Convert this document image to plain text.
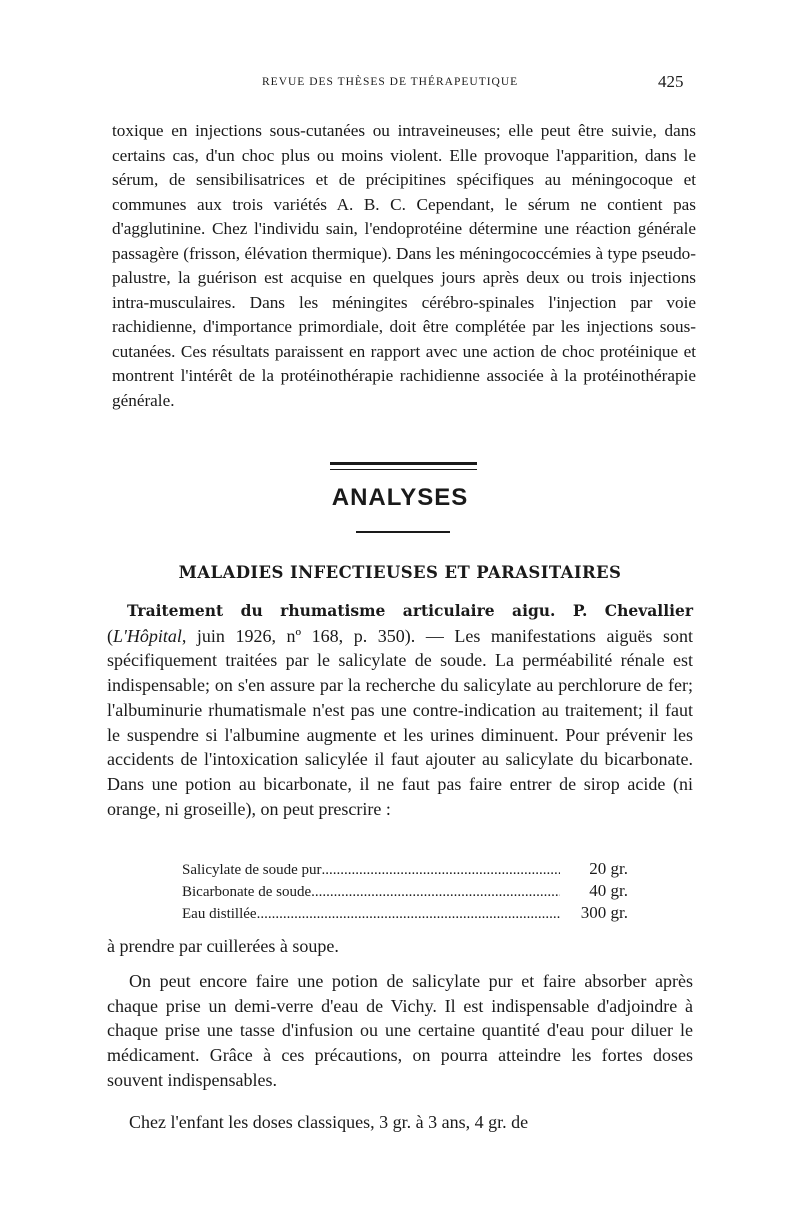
REVUE DES THÈSES DE THÉRAPEUTIQUE	425

toxique en injections sous-cutanées ou intraveineuses; elle peut être suivie, dans certains cas, d'un choc plus ou moins violent. Elle provoque l'apparition, dans le sérum, de sensibilisatrices et de précipitines spécifiques au méningocoque et communes aux trois variétés A. B. C. Cependant, le sérum ne contient pas d'agglutinine. Chez l'individu sain, l'endoprotéine détermine une réaction générale passagère (frisson, élévation thermique). Dans les méningococcémies à type pseudo-palustre, la guérison est acquise en quelques jours après deux ou trois injections intra-musculaires. Dans les méningites cérébro-spinales l'injection par voie rachidienne, d'importance primordiale, doit être complétée par les injections sous-cutanées. Ces résultats paraissent en rapport avec une action de choc protéinique et montrent l'intérêt de la protéinothérapie rachidienne associée à la protéinothérapie générale.

ANALYSES
MALADIES INFECTIEUSES ET PARASITAIRES

Traitement du rhumatisme articulaire aigu. P. Chevallier (L'Hôpital, juin 1926, nº 168, p. 350). — Les manifestations aiguës sont spécifiquement traitées par le salicylate de soude. La perméabilité rénale est indispensable; on s'en assure par la recherche du salicylate au perchlorure de fer; l'albuminurie rhumatismale n'est pas une contre-indication au traitement; il faut le suspendre si l'albumine augmente et les urines diminuent. Pour prévenir les accidents de l'intoxication salicylée il faut ajouter au salicylate du bicarbonate. Dans une potion au bicarbonate, il ne faut pas faire entrer de sirop acide (ni orange, ni groseille), on peut prescrire :

Salicylate de soude pur .....	20 gr.
Bicarbonate de soude .....	40 gr.
Eau distillée .....	300 gr.

à prendre par cuillerées à soupe.

On peut encore faire une potion de salicylate pur et faire absorber après chaque prise un demi-verre d'eau de Vichy. Il est indispensable d'adjoindre à chaque prise une tasse d'infusion ou une certaine quantité d'eau pour diluer le médicament. Grâce à ces précautions, on pourra atteindre les fortes doses souvent indispensables.

Chez l'enfant les doses classiques, 3 gr. à 3 ans, 4 gr. de
